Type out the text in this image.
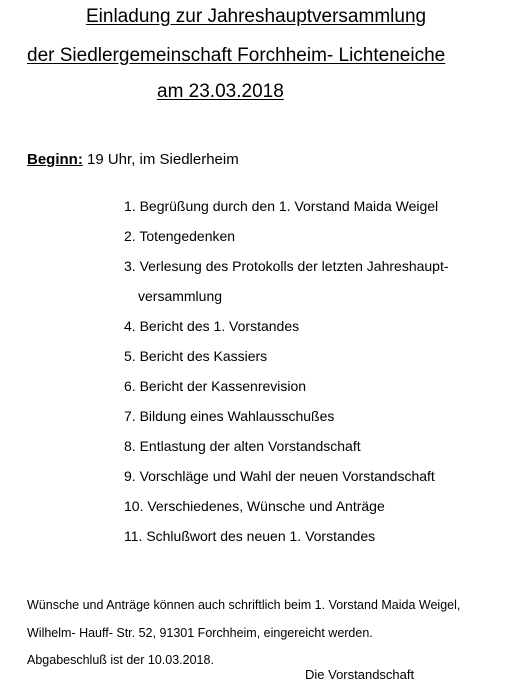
Einladung zur Jahreshauptversammlung
der Siedlergemeinschaft Forchheim- Lichteneiche
am 23.03.2018
Beginn: 19 Uhr, im Siedlerheim
1. Begrüßung durch den 1. Vorstand Maida Weigel
2. Totengedenken
3. Verlesung des Protokolls der letzten Jahreshaupt-
versammlung
4. Bericht des 1. Vorstandes
5. Bericht des Kassiers
6. Bericht der Kassenrevision
7. Bildung eines Wahlausschußes
8. Entlastung der alten Vorstandschaft
9. Vorschläge und Wahl der neuen Vorstandschaft
10. Verschiedenes, Wünsche und Anträge
11. Schlußwort des neuen 1. Vorstandes
Wünsche und Anträge können auch schriftlich beim 1. Vorstand Maida Weigel,
Wilhelm- Hauff- Str. 52, 91301 Forchheim, eingereicht werden.
Abgabeschluß ist der 10.03.2018.
Die Vorstandschaft
